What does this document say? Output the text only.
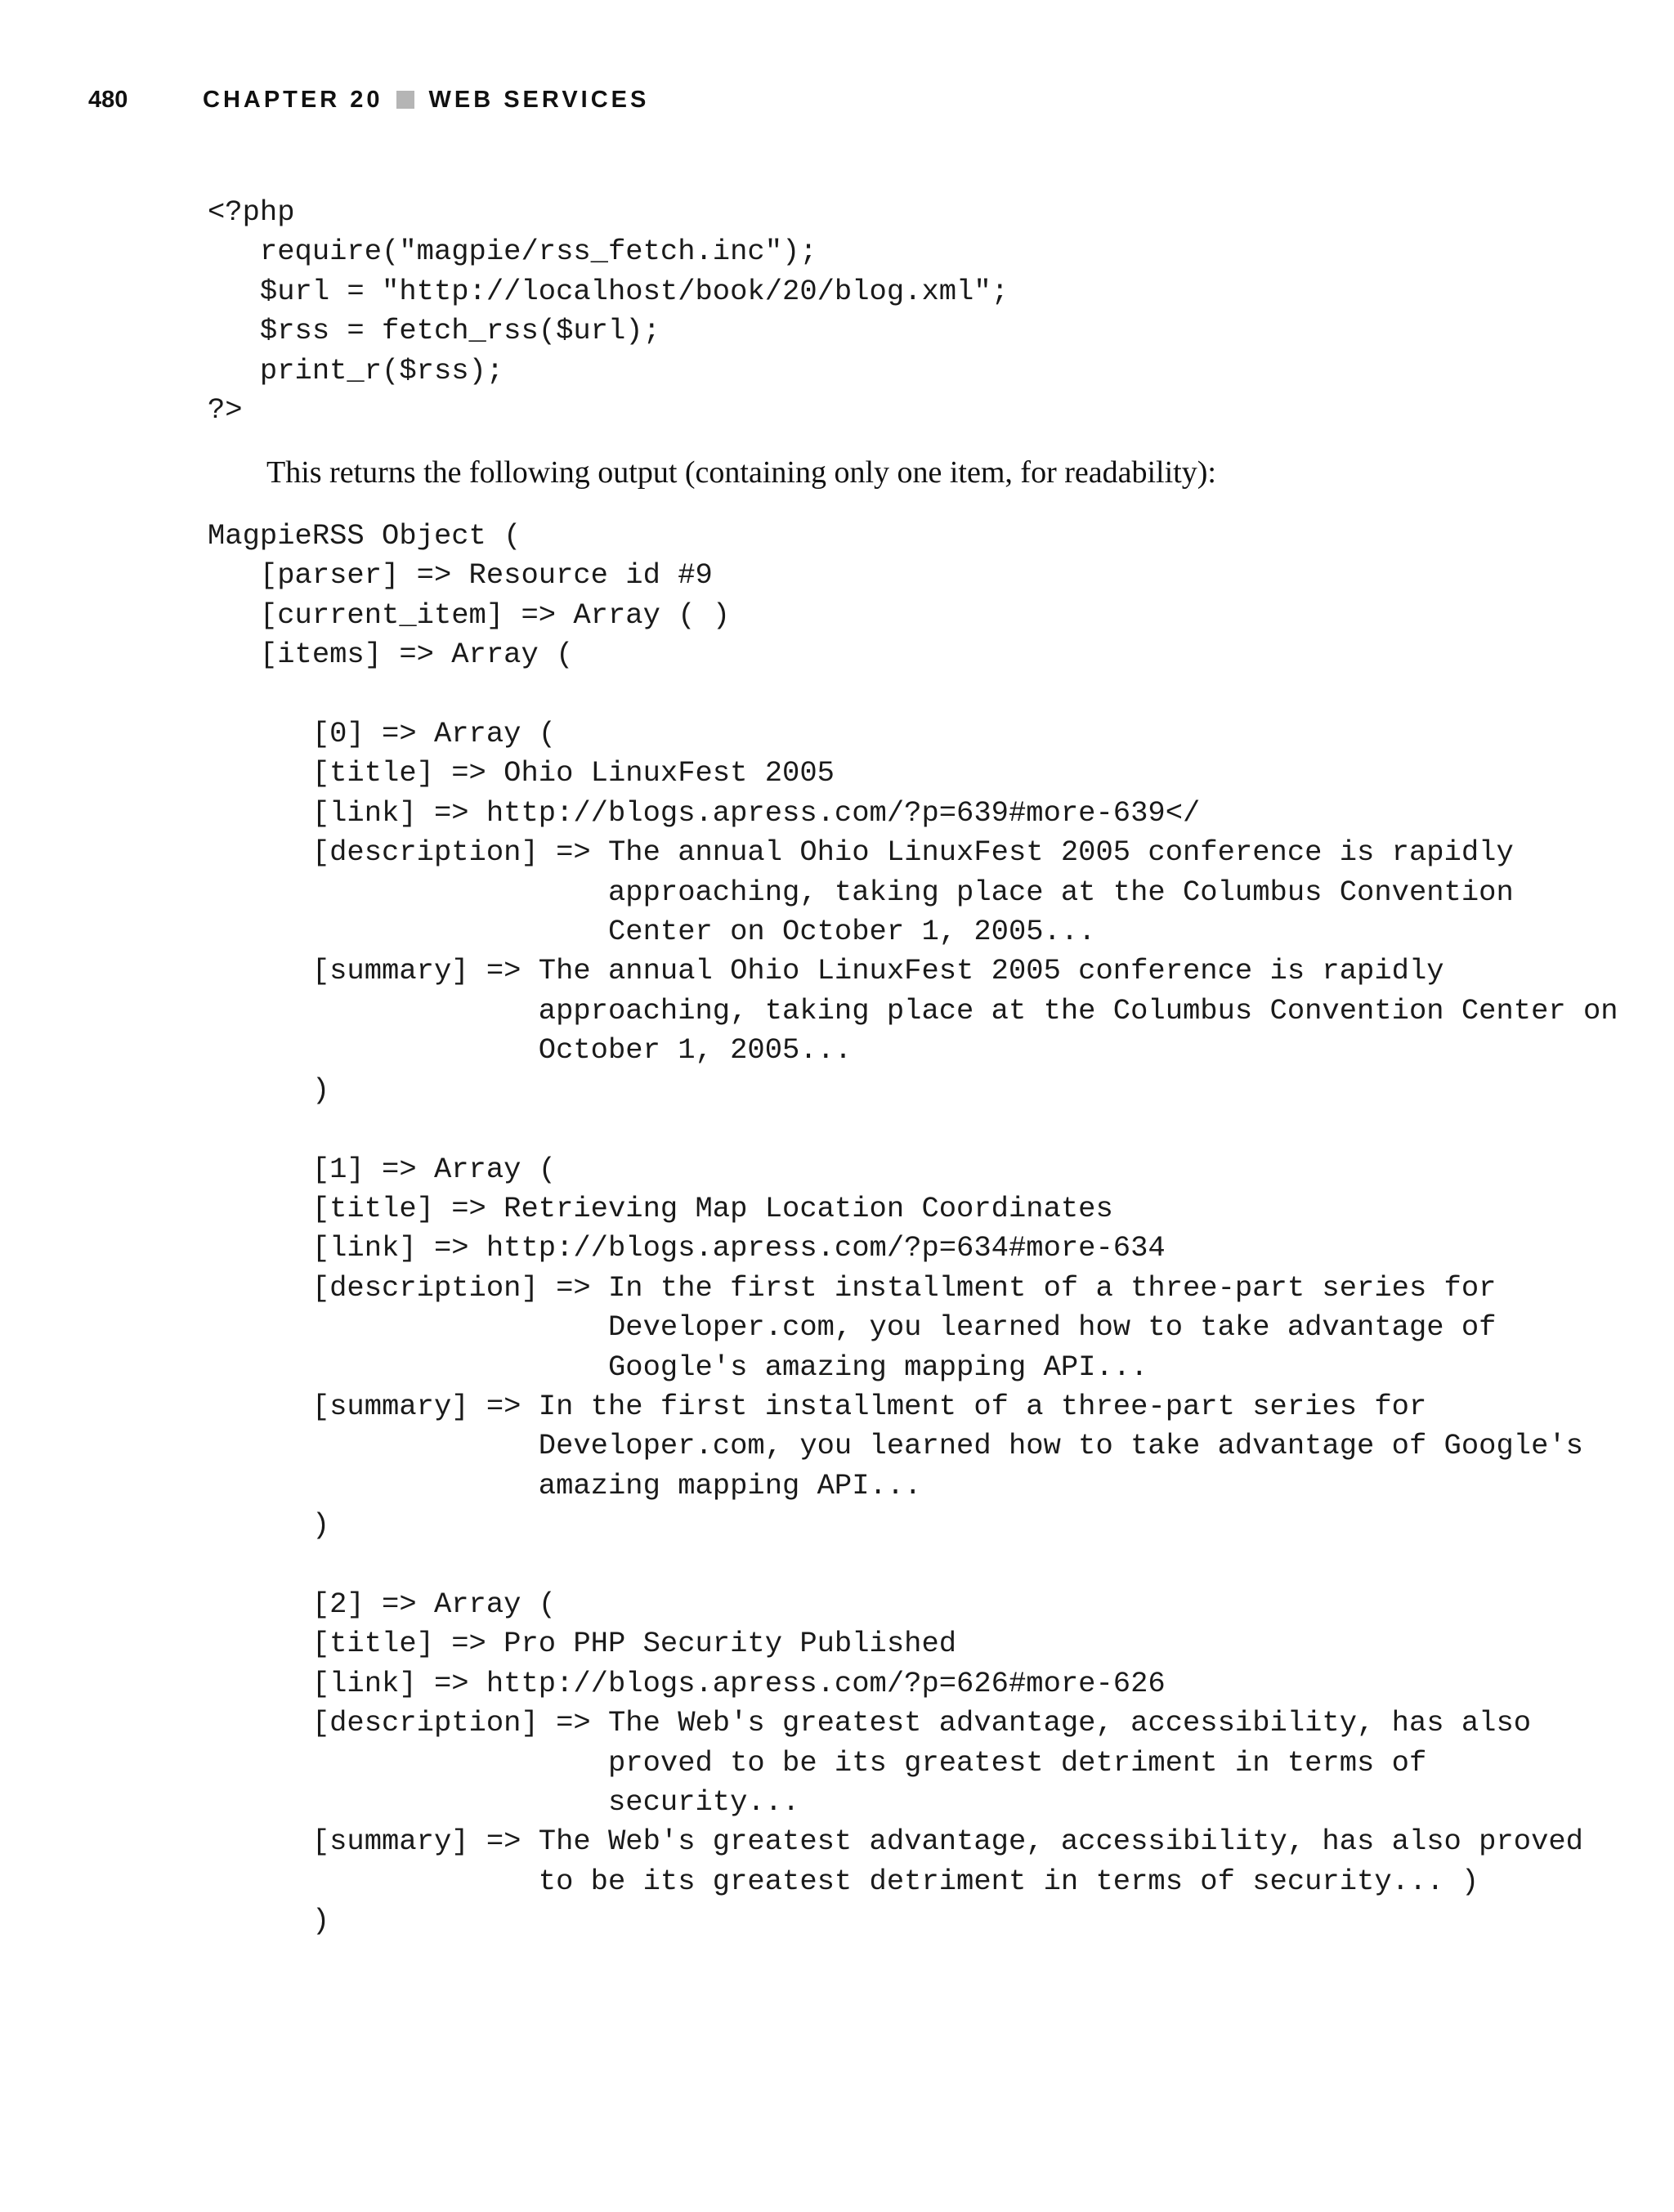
480	CHAPTER 20 WEB SERVICES
<?php
require("magpie/rss_fetch.inc");
$url = "http://localhost/book/20/blog.xml";
$rss = fetch_rss($url);
print_r($rss);
?>
This returns the following output (containing only one item, for readability):
MagpieRSS Object (
[parser] => Resource id #9
[current_item] => Array ( )
[items] => Array (

[0] => Array (
[title] => Ohio LinuxFest 2005
[link] => http://blogs.apress.com/?p=639#more-639</
[description] => The annual Ohio LinuxFest 2005 conference is rapidly
approaching, taking place at the Columbus Convention
Center on October 1, 2005...
[summary] => The annual Ohio LinuxFest 2005 conference is rapidly
approaching, taking place at the Columbus Convention Center on
October 1, 2005...
)

[1] => Array (
[title] => Retrieving Map Location Coordinates
[link] => http://blogs.apress.com/?p=634#more-634
[description] => In the first installment of a three-part series for
Developer.com, you learned how to take advantage of
Google's amazing mapping API...
[summary] => In the first installment of a three-part series for
Developer.com, you learned how to take advantage of Google's
amazing mapping API...
)

[2] => Array (
[title] => Pro PHP Security Published
[link] => http://blogs.apress.com/?p=626#more-626
[description] => The Web's greatest advantage, accessibility, has also
proved to be its greatest detriment in terms of
security...
[summary] => The Web's greatest advantage, accessibility, has also proved
to be its greatest detriment in terms of security... )
)
